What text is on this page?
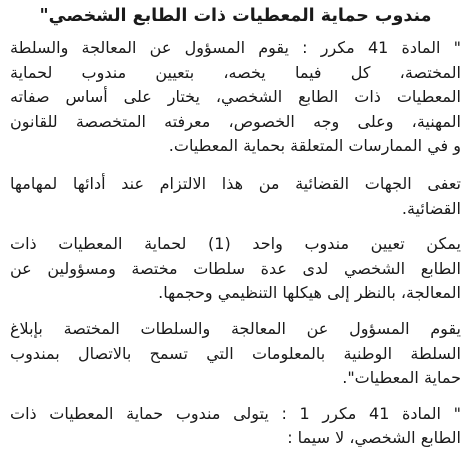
مندوب حماية المعطيات ذات الطابع الشخصي"
" المادة 41 مكرر : يقوم المسؤول عن المعالجة والسلطة
المختصة، كل فيما يخصه، بتعيين مندوب لحماية
المعطيات ذات الطابع الشخصي، يختار على أساس صفاته
المهنية، وعلى وجه الخصوص، معرفته المتخصصة للقانون
و في الممارسات المتعلقة بحماية المعطيات.
تعفى الجهات القضائية من هذا الالتزام عند أدائها لمهامها
القضائية.
يمكن تعيين مندوب واحد (1) لحماية المعطيات ذات
الطابع الشخصي لدى عدة سلطات مختصة ومسؤولين عن
المعالجة، بالنظر إلى هيكلها التنظيمي وحجمها.
يقوم المسؤول عن المعالجة والسلطات المختصة بإبلاغ
السلطة الوطنية بالمعلومات التي تسمح بالاتصال بمندوب
حماية المعطيات".
" المادة 41 مكرر 1 : يتولى مندوب حماية المعطيات ذات
الطابع الشخصي، لا سيما :
